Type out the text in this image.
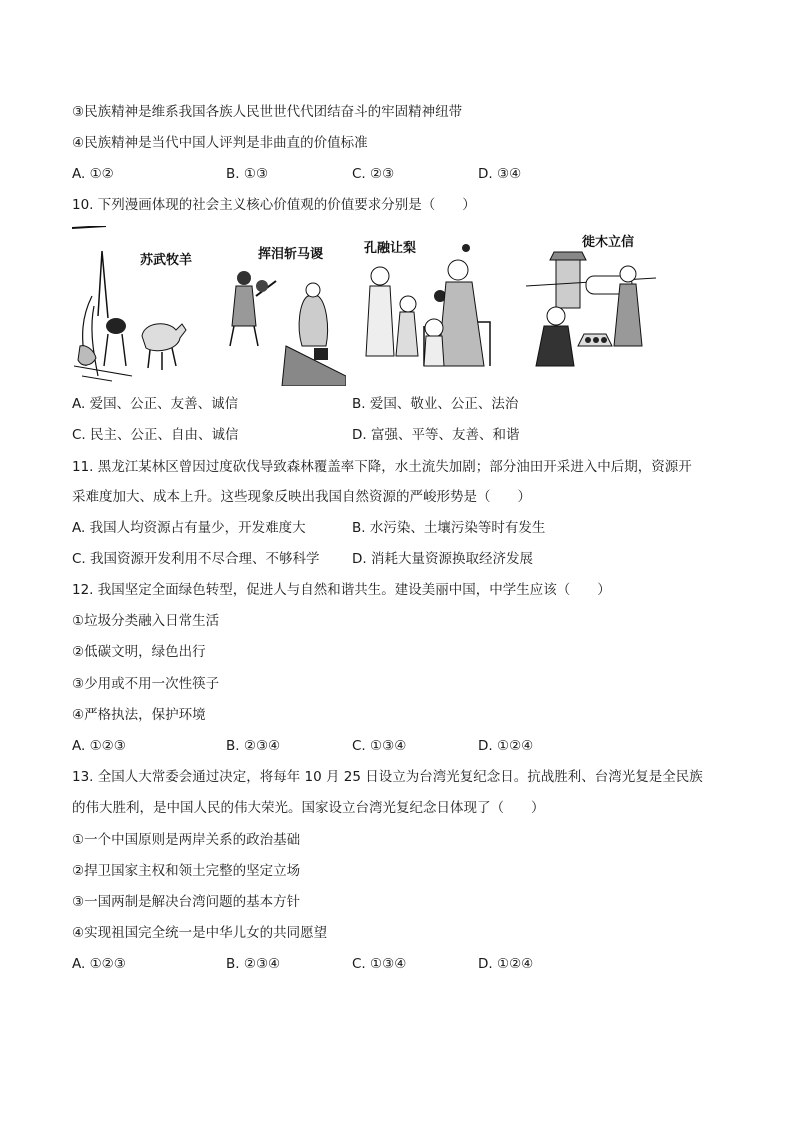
③民族精神是维系我国各族人民世世代代团结奋斗的牢固精神纽带
④民族精神是当代中国人评判是非曲直的价值标准
A. ①②	B. ①③	C. ②③	D. ③④
10. 下列漫画体现的社会主义核心价值观的价值要求分别是（　　）
苏武牧羊	挥泪斩马谡	孔融让梨	徙木立信
A. 爱国、公正、友善、诚信	B. 爱国、敬业、公正、法治
C. 民主、公正、自由、诚信	D. 富强、平等、友善、和谐
11. 黑龙江某林区曾因过度砍伐导致森林覆盖率下降，水土流失加剧；部分油田开采进入中后期，资源开
采难度加大、成本上升。这些现象反映出我国自然资源的严峻形势是（　　）
A. 我国人均资源占有量少，开发难度大	B. 水污染、土壤污染等时有发生
C. 我国资源开发利用不尽合理、不够科学 D. 消耗大量资源换取经济发展
12. 我国坚定全面绿色转型，促进人与自然和谐共生。建设美丽中国，中学生应该（　　）
①垃圾分类融入日常生活
②低碳文明，绿色出行
③少用或不用一次性筷子
④严格执法，保护环境
A. ①②③	B. ②③④	C. ①③④	D. ①②④
13. 全国人大常委会通过决定，将每年 10 月 25 日设立为台湾光复纪念日。抗战胜利、台湾光复是全民族
的伟大胜利，是中国人民的伟大荣光。国家设立台湾光复纪念日体现了（　　）
①一个中国原则是两岸关系的政治基础
②捍卫国家主权和领土完整的坚定立场
③一国两制是解决台湾问题的基本方针
④实现祖国完全统一是中华儿女的共同愿望
A. ①②③	B. ②③④	C. ①③④	D. ①②④
